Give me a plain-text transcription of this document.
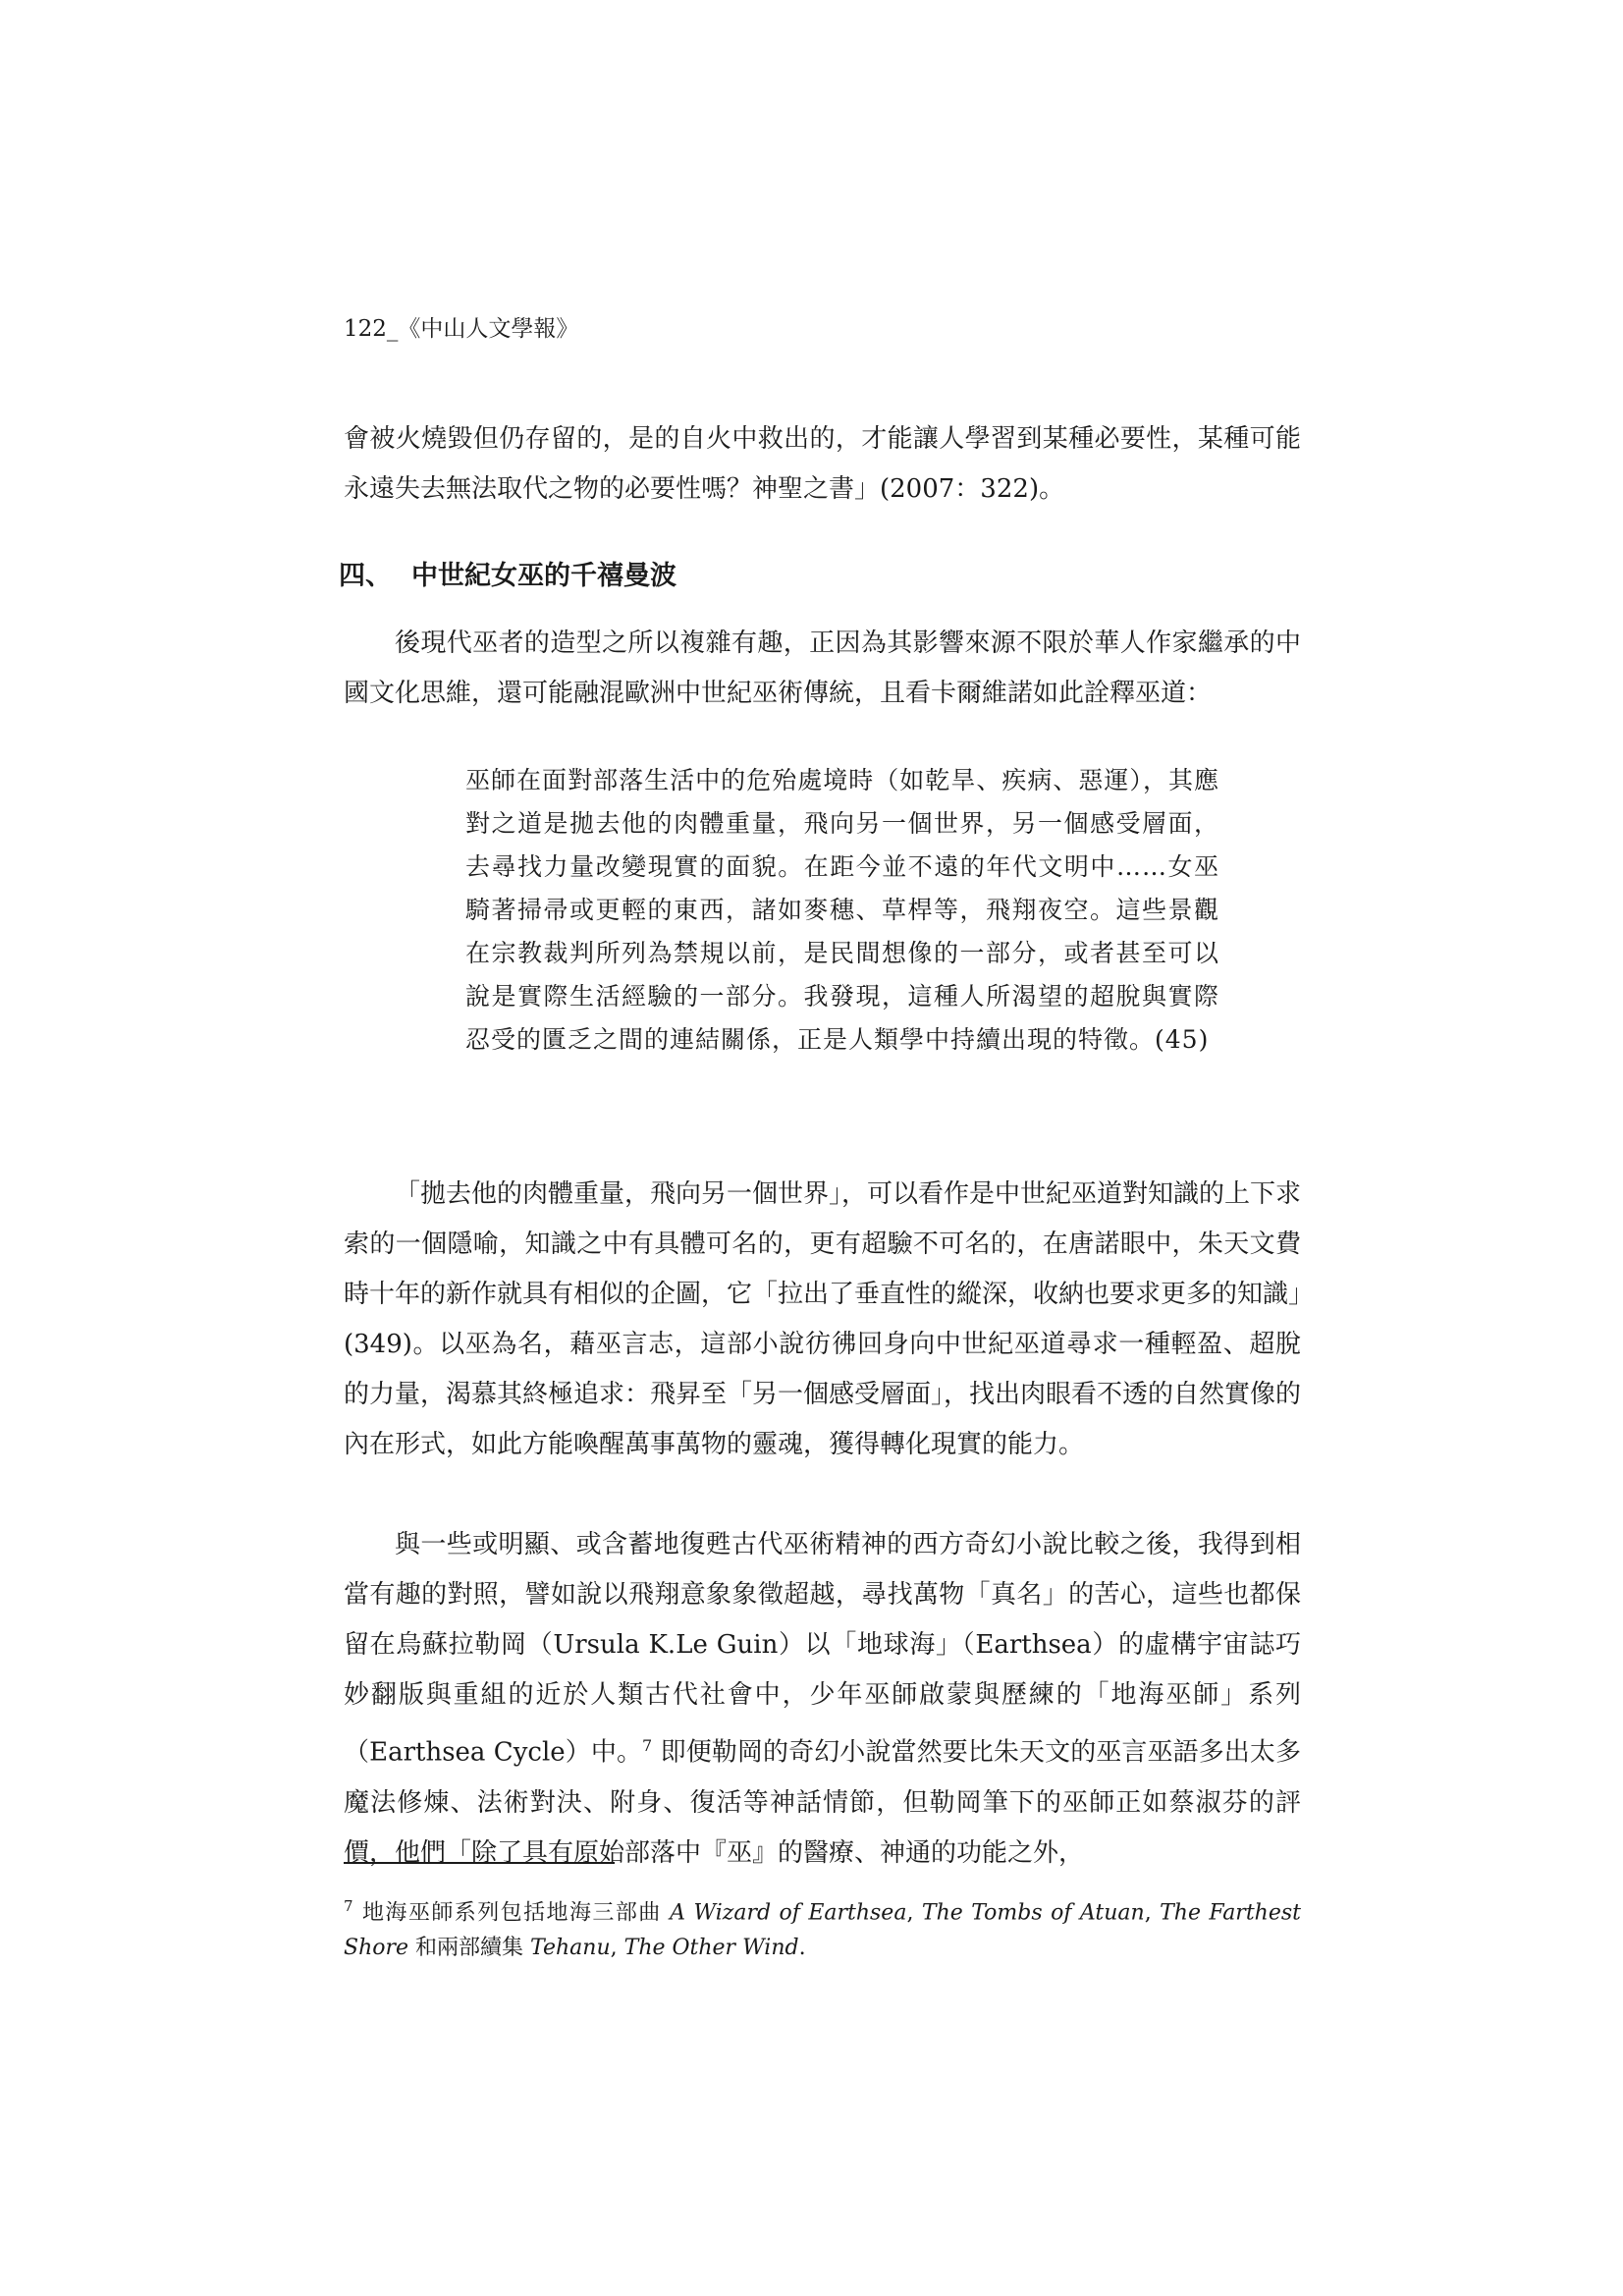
122_《中山人文學報》

會被火燒毀但仍存留的，是的自火中救出的，才能讓人學習到某種必要性，某種可能永遠失去無法取代之物的必要性嗎？神聖之書」(2007：322)。

四、 中世紀女巫的千禧曼波

後現代巫者的造型之所以複雜有趣，正因為其影響來源不限於華人作家繼承的中國文化思維，還可能融混歐洲中世紀巫術傳統，且看卡爾維諾如此詮釋巫道：

巫師在面對部落生活中的危殆處境時（如乾旱、疾病、惡運），其應對之道是拋去他的肉體重量，飛向另一個世界，另一個感受層面，去尋找力量改變現實的面貌。在距今並不遠的年代文明中……女巫騎著掃帚或更輕的東西，諸如麥穗、草桿等，飛翔夜空。這些景觀在宗教裁判所列為禁規以前，是民間想像的一部分，或者甚至可以說是實際生活經驗的一部分。我發現，這種人所渴望的超脫與實際忍受的匱乏之間的連結關係，正是人類學中持續出現的特徵。(45)

「拋去他的肉體重量，飛向另一個世界」，可以看作是中世紀巫道對知識的上下求索的一個隱喻，知識之中有具體可名的，更有超驗不可名的，在唐諾眼中，朱天文費時十年的新作就具有相似的企圖，它「拉出了垂直性的縱深，收納也要求更多的知識」(349)。以巫為名，藉巫言志，這部小說彷彿回身向中世紀巫道尋求一種輕盈、超脫的力量，渴慕其終極追求：飛昇至「另一個感受層面」，找出肉眼看不透的自然實像的內在形式，如此方能喚醒萬事萬物的靈魂，獲得轉化現實的能力。

與一些或明顯、或含蓄地復甦古代巫術精神的西方奇幻小說比較之後，我得到相當有趣的對照，譬如說以飛翔意象象徵超越，尋找萬物「真名」的苦心，這些也都保留在烏蘇拉勒岡（Ursula K.Le Guin）以「地球海」（Earthsea）的虛構宇宙誌巧妙翻版與重組的近於人類古代社會中，少年巫師啟蒙與歷練的「地海巫師」系列（Earthsea Cycle）中。$^7$ 即便勒岡的奇幻小說當然要比朱天文的巫言巫語多出太多魔法修煉、法術對決、附身、復活等神話情節，但勒岡筆下的巫師正如蔡淑芬的評價，他們「除了具有原始部落中『巫』的醫療、神通的功能之外，

$^7$ 地海巫師系列包括地海三部曲 A Wizard of Earthsea, The Tombs of Atuan, The Farthest Shore 和兩部續集 Tehanu, The Other Wind.
